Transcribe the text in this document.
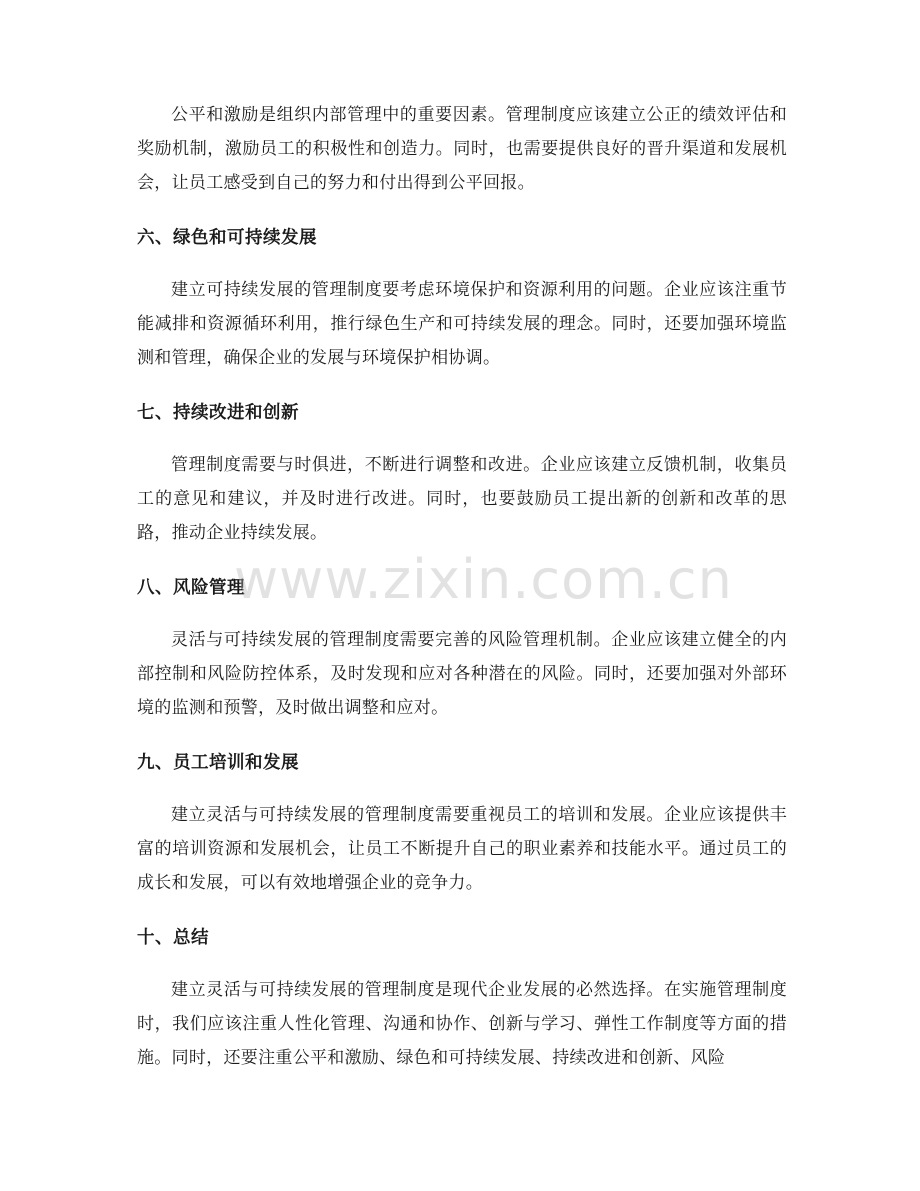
公平和激励是组织内部管理中的重要因素。管理制度应该建立公正的绩效评估和奖励机制，激励员工的积极性和创造力。同时，也需要提供良好的晋升渠道和发展机会，让员工感受到自己的努力和付出得到公平回报。

六、绿色和可持续发展

建立可持续发展的管理制度要考虑环境保护和资源利用的问题。企业应该注重节能减排和资源循环利用，推行绿色生产和可持续发展的理念。同时，还要加强环境监测和管理，确保企业的发展与环境保护相协调。

七、持续改进和创新

管理制度需要与时俱进，不断进行调整和改进。企业应该建立反馈机制，收集员工的意见和建议，并及时进行改进。同时，也要鼓励员工提出新的创新和改革的思路，推动企业持续发展。

八、风险管理

灵活与可持续发展的管理制度需要完善的风险管理机制。企业应该建立健全的内部控制和风险防控体系，及时发现和应对各种潜在的风险。同时，还要加强对外部环境的监测和预警，及时做出调整和应对。

九、员工培训和发展

建立灵活与可持续发展的管理制度需要重视员工的培训和发展。企业应该提供丰富的培训资源和发展机会，让员工不断提升自己的职业素养和技能水平。通过员工的成长和发展，可以有效地增强企业的竞争力。

十、总结

建立灵活与可持续发展的管理制度是现代企业发展的必然选择。在实施管理制度时，我们应该注重人性化管理、沟通和协作、创新与学习、弹性工作制度等方面的措施。同时，还要注重公平和激励、绿色和可持续发展、持续改进和创新、风险

www.zixin.com.cn
